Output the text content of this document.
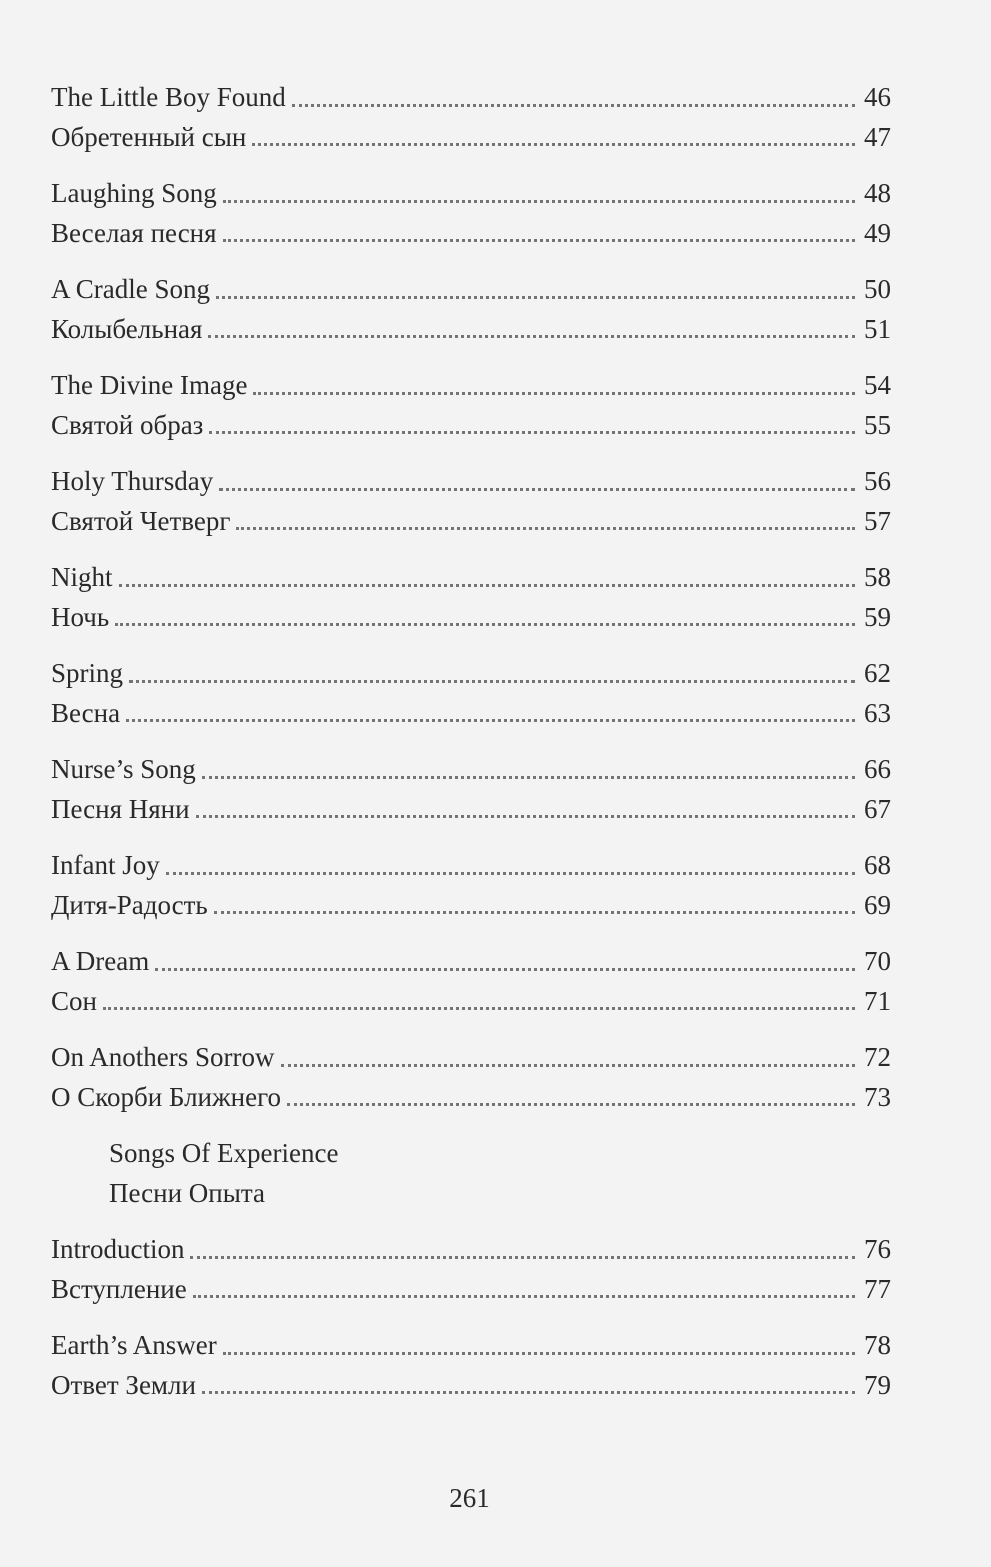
The Little Boy Found	46
Обретенный сын	47
Laughing Song	48
Веселая песня	49
A Cradle Song	50
Колыбельная	51
The Divine Image	54
Святой образ	55
Holy Thursday	56
Святой Четверг	57
Night	58
Ночь	59
Spring	62
Весна	63
Nurse’s Song	66
Песня Няни	67
Infant Joy	68
Дитя-Радость	69
A Dream	70
Сон	71
On Anothers Sorrow	72
О Скорби Ближнего	73
Songs Of Experience
Песни Опыта
Introduction	76
Вступление	77
Earth’s Answer	78
Ответ Земли	79
261
